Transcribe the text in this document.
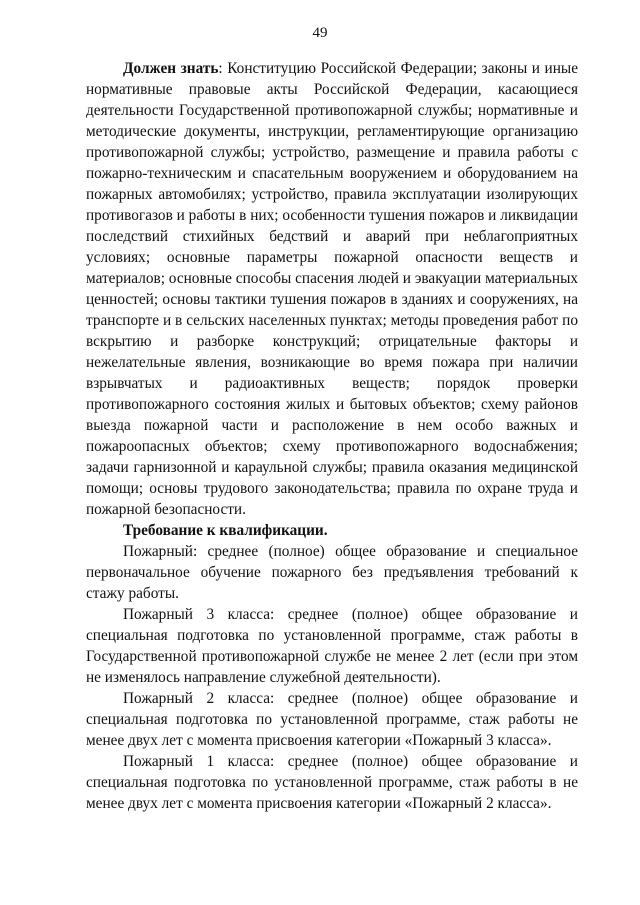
49

Должен знать: Конституцию Российской Федерации; законы и иные нормативные правовые акты Российской Федерации, касающиеся деятельности Государственной противопожарной службы; нормативные и методические документы, инструкции, регламентирующие организацию противопожарной службы; устройство, размещение и правила работы с пожарно-техническим и спасательным вооружением и оборудованием на пожарных автомобилях; устройство, правила эксплуатации изолирующих противогазов и работы в них; особенности тушения пожаров и ликвидации последствий стихийных бедствий и аварий при неблагоприятных условиях; основные параметры пожарной опасности веществ и материалов; основные способы спасения людей и эвакуации материальных ценностей; основы тактики тушения пожаров в зданиях и сооружениях, на транспорте и в сельских населенных пунктах; методы проведения работ по вскрытию и разборке конструкций; отрицательные факторы и нежелательные явления, возникающие во время пожара при наличии взрывчатых и радиоактивных веществ; порядок проверки противопожарного состояния жилых и бытовых объектов; схему районов выезда пожарной части и расположение в нем особо важных и пожароопасных объектов; схему противопожарного водоснабжения; задачи гарнизонной и караульной службы; правила оказания медицинской помощи; основы трудового законодательства; правила по охране труда и пожарной безопасности.

Требование к квалификации.

Пожарный: среднее (полное) общее образование и специальное первоначальное обучение пожарного без предъявления требований к стажу работы.

Пожарный 3 класса: среднее (полное) общее образование и специальная подготовка по установленной программе, стаж работы в Государственной противопожарной службе не менее 2 лет (если при этом не изменялось направление служебной деятельности).

Пожарный 2 класса: среднее (полное) общее образование и специальная подготовка по установленной программе, стаж работы не менее двух лет с момента присвоения категории «Пожарный 3 класса».

Пожарный 1 класса: среднее (полное) общее образование и специальная подготовка по установленной программе, стаж работы в не менее двух лет с момента присвоения категории «Пожарный 2 класса».
